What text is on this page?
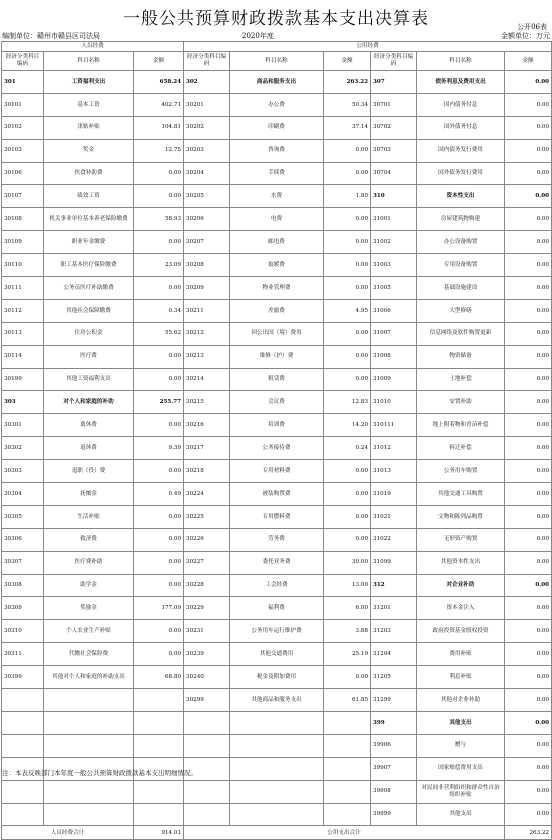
一般公共预算财政拨款基本支出决算表	公开06表
编制单位：赣州市赣县区司法局	2020年度	金额单位：万元
人员经费			公用经费					
经济分类科目编码	科目名称	金额	经济分类科目编码	科目名称	金额	经济分类科目编码	科目名称	金额
301	工资福利支出	658.24	302	商品和服务支出	263.22	307	债务利息及费用支出	0.00
30101	基本工资	402.71	30201	办公费	50.34	30701	国内债务付息	0.00
30102	津贴补贴	104.81	30202	印刷费	37.14	30702	国外债务付息	0.00
30103	奖金	12.75	30203	咨询费	0.00	30703	国内债务发行费用	0.00
30106	伙食补助费	0.00	30204	手续费	0.00	30704	国外债务发行费用	0.00
30107	绩效工资	0.00	30205	水费	1.80	310	资本性支出	0.00
30108	机关事业单位基本养老保险缴费	58.93	30206	电费	0.00	31001	房屋建筑物购建	0.00
30109	职业年金缴费	0.00	30207	邮电费	0.00	31002	办公设备购置	0.00
30110	职工基本医疗保险缴费	23.09	30208	取暖费	0.00	31003	专用设备购置	0.00
30111	公务员医疗补助缴费	0.00	30209	物业管理费	0.00	31005	基础设施建设	0.00
30112	其他社会保障缴费	0.34	30211	差旅费	4.95	31006	大型修缮	0.00
30113	住房公积金	55.62	30212	因公出国（境）费用	0.00	31007	信息网络及软件购置更新	0.00
30114	医疗费	0.00	30213	维修（护）费	0.00	31008	物资储备	0.00
30199	其他工资福利支出	0.00	30214	租赁费	0.00	31009	土地补偿	0.00
303	对个人和家庭的补助	255.77	30215	会议费	12.83	31010	安置补助	0.00
30301	离休费	0.00	30216	培训费	14.20	310111	地上附着物和青苗补偿	0.00
30302	退休费	9.39	30217	公务接待费	0.24	31012	拆迁补偿	0.00
30303	退职（役）费	0.00	30218	专用材料费	0.00	31013	公务用车购置	0.00
30304	抚恤金	0.49	30224	被装购置费	0.00	31019	其他交通工具购置	0.00
30305	生活补贴	0.00	30225	专用燃料费	0.00	31021	文物和陈列品购置	0.00
30306	救济费	0.00	30226	劳务费	0.00	31022	无形资产购置	0.00
30307	医疗费补助	0.00	30227	委托业务费	30.00	31099	其他资本性支出	0.00
30308	助学金	0.00	30228	工会经费	13.00	312	对企业补助	0.00
30309	奖励金	177.09	30229	福利费	6.00	31201	资本金注入	0.00
30310	个人农业生产补贴	0.00	30231	公务用车运行维护费	3.88	31203	政府投资基金股权投资	0.00
30311	代缴社会保险费	0.00	30239	其他交通费用	25.19	31204	费用补贴	0.00
30399	其他对个人和家庭的补助支出	68.80	30240	税金及附加费用	0.00	31205	利息补贴	0.00
			30299	其他商品和服务支出	61.85	31299	其他对企业补助	0.00
						399	其他支出	0.00
						39906	赠与	0.00
						39907	国家赔偿费用支出	0.00
						39908	对民间非营利组织和群众性自治组织补贴	0.00
						39999	其他支出	0.00
人员经费合计		914.01	公用支出合计					263.22
注：本表反映部门本年度一般公共预算财政拨款基本支出明细情况。
